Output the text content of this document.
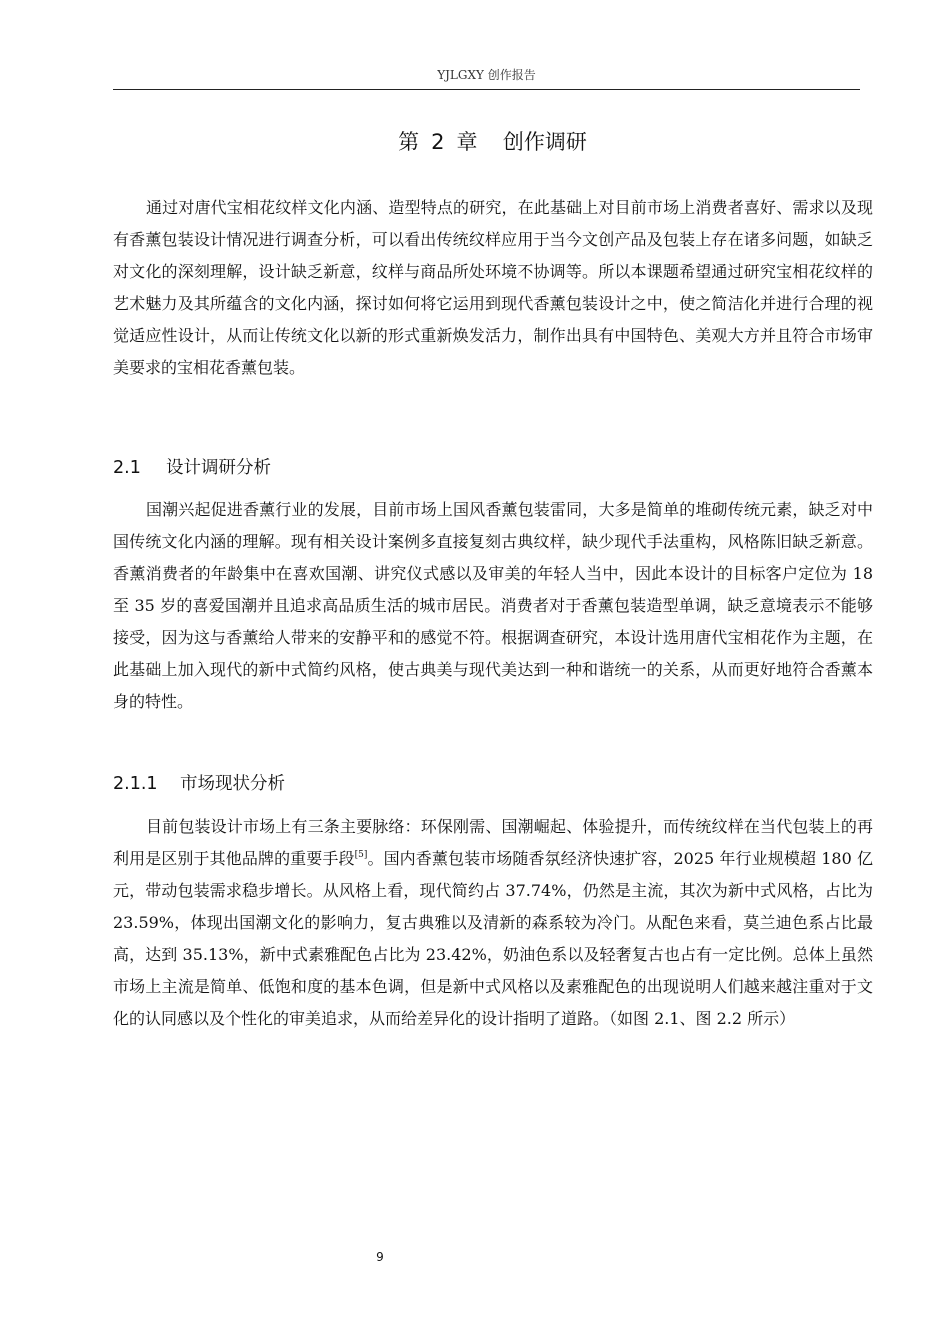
YJLGXY 创作报告
第 2 章 创作调研

通过对唐代宝相花纹样文化内涵、造型特点的研究，在此基础上对目前市场上消费者喜好、需求以及现有香薰包装设计情况进行调查分析，可以看出传统纹样应用于当今文创产品及包装上存在诸多问题，如缺乏对文化的深刻理解，设计缺乏新意，纹样与商品所处环境不协调等。所以本课题希望通过研究宝相花纹样的艺术魅力及其所蕴含的文化内涵，探讨如何将它运用到现代香薰包装设计之中，使之简洁化并进行合理的视觉适应性设计，从而让传统文化以新的形式重新焕发活力，制作出具有中国特色、美观大方并且符合市场审美要求的宝相花香薰包装。

2.1 设计调研分析

国潮兴起促进香薰行业的发展，目前市场上国风香薰包装雷同，大多是简单的堆砌传统元素，缺乏对中国传统文化内涵的理解。现有相关设计案例多直接复刻古典纹样，缺少现代手法重构，风格陈旧缺乏新意。香薰消费者的年龄集中在喜欢国潮、讲究仪式感以及审美的年轻人当中，因此本设计的目标客户定位为 18 至 35 岁的喜爱国潮并且追求高品质生活的城市居民。消费者对于香薰包装造型单调，缺乏意境表示不能够接受，因为这与香薰给人带来的安静平和的感觉不符。根据调查研究，本设计选用唐代宝相花作为主题，在此基础上加入现代的新中式简约风格，使古典美与现代美达到一种和谐统一的关系，从而更好地符合香薰本身的特性。

2.1.1 市场现状分析

目前包装设计市场上有三条主要脉络：环保刚需、国潮崛起、体验提升，而传统纹样在当代包装上的再利用是区别于其他品牌的重要手段[5]。国内香薰包装市场随香氛经济快速扩容，2025 年行业规模超 180 亿元，带动包装需求稳步增长。从风格上看，现代简约占 37.74%，仍然是主流，其次为新中式风格，占比为 23.59%，体现出国潮文化的影响力，复古典雅以及清新的森系较为冷门。从配色来看，莫兰迪色系占比最高，达到 35.13%，新中式素雅配色占比为 23.42%，奶油色系以及轻奢复古也占有一定比例。总体上虽然市场上主流是简单、低饱和度的基本色调，但是新中式风格以及素雅配色的出现说明人们越来越注重对于文化的认同感以及个性化的审美追求，从而给差异化的设计指明了道路。（如图 2.1、图 2.2 所示）

9
